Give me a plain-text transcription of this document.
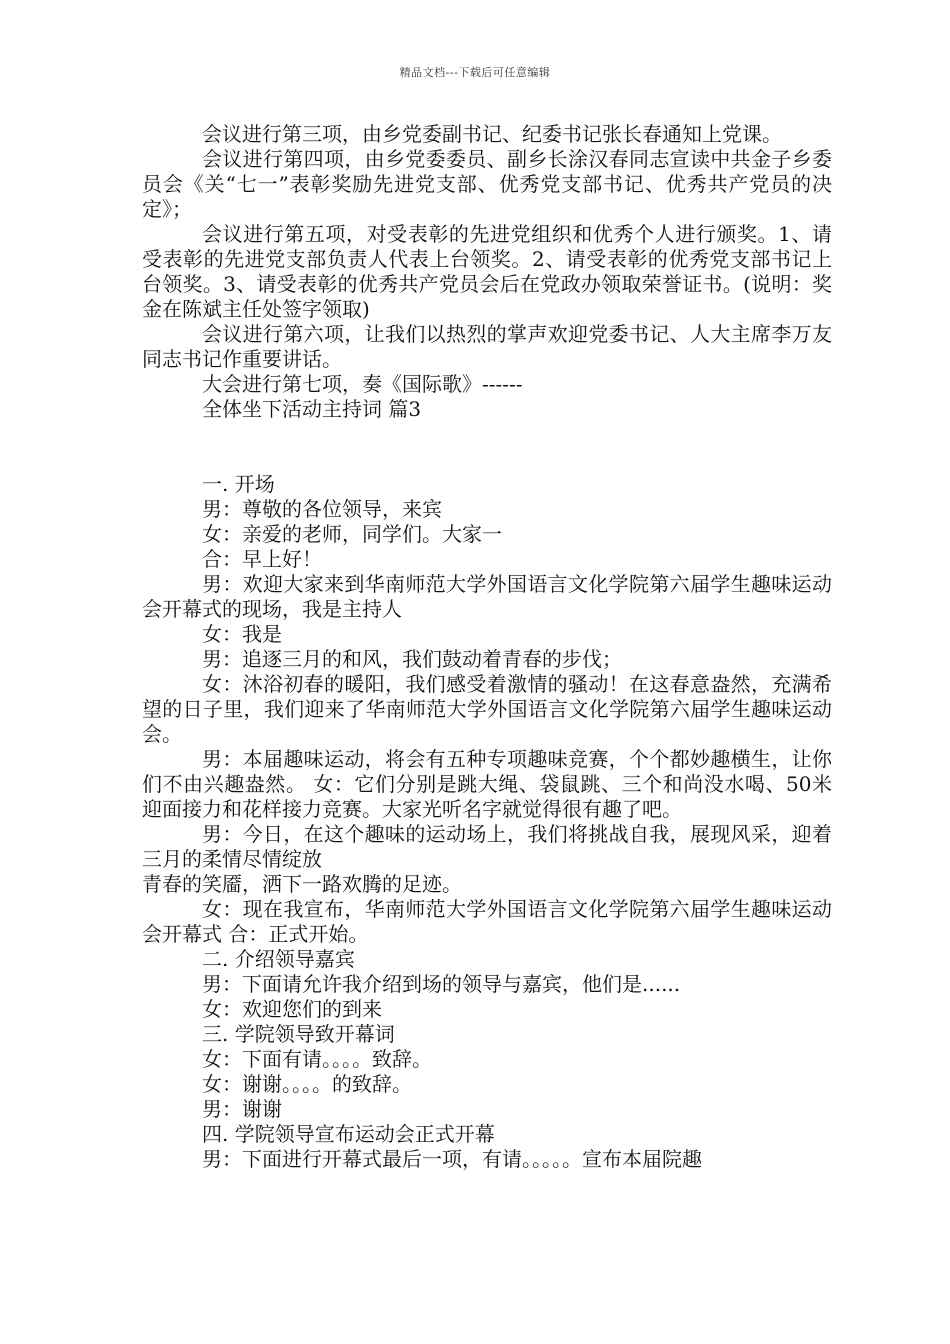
精品文档---下载后可任意编辑

会议进行第三项，由乡党委副书记、纪委书记张长春通知上党课。

会议进行第四项，由乡党委委员、副乡长涂汉春同志宣读中共金子乡委员会《关“七一”表彰奖励先进党支部、优秀党支部书记、优秀共产党员的决定》；

会议进行第五项，对受表彰的先进党组织和优秀个人进行颁奖。1、请受表彰的先进党支部负责人代表上台领奖。2、请受表彰的优秀党支部书记上台领奖。3、请受表彰的优秀共产党员会后在党政办领取荣誉证书。(说明：奖金在陈斌主任处签字领取)

会议进行第六项，让我们以热烈的掌声欢迎党委书记、人大主席李万友同志书记作重要讲话。

大会进行第七项，奏《国际歌》------

全体坐下活动主持词 篇3

一. 开场

男：尊敬的各位领导，来宾

女：亲爱的老师，同学们。大家一

合：早上好！

男：欢迎大家来到华南师范大学外国语言文化学院第六届学生趣味运动会开幕式的现场，我是主持人

女：我是

男：追逐三月的和风，我们鼓动着青春的步伐；

女：沐浴初春的暖阳，我们感受着激情的骚动！在这春意盎然，充满希望的日子里，我们迎来了华南师范大学外国语言文化学院第六届学生趣味运动会。

男：本届趣味运动，将会有五种专项趣味竞赛，个个都妙趣横生，让你们不由兴趣盎然。 女：它们分别是跳大绳、袋鼠跳、三个和尚没水喝、50米迎面接力和花样接力竞赛。大家光听名字就觉得很有趣了吧。

男：今日，在这个趣味的运动场上，我们将挑战自我，展现风采，迎着三月的柔情尽情绽放

青春的笑靥，洒下一路欢腾的足迹。

女：现在我宣布，华南师范大学外国语言文化学院第六届学生趣味运动会开幕式 合：正式开始。

二. 介绍领导嘉宾

男：下面请允许我介绍到场的领导与嘉宾，他们是......

女：欢迎您们的到来

三. 学院领导致开幕词

女：下面有请。。。。致辞。

女：谢谢。。。。的致辞。

男：谢谢

四. 学院领导宣布运动会正式开幕

男：下面进行开幕式最后一项，有请。。。。。宣布本届院趣
